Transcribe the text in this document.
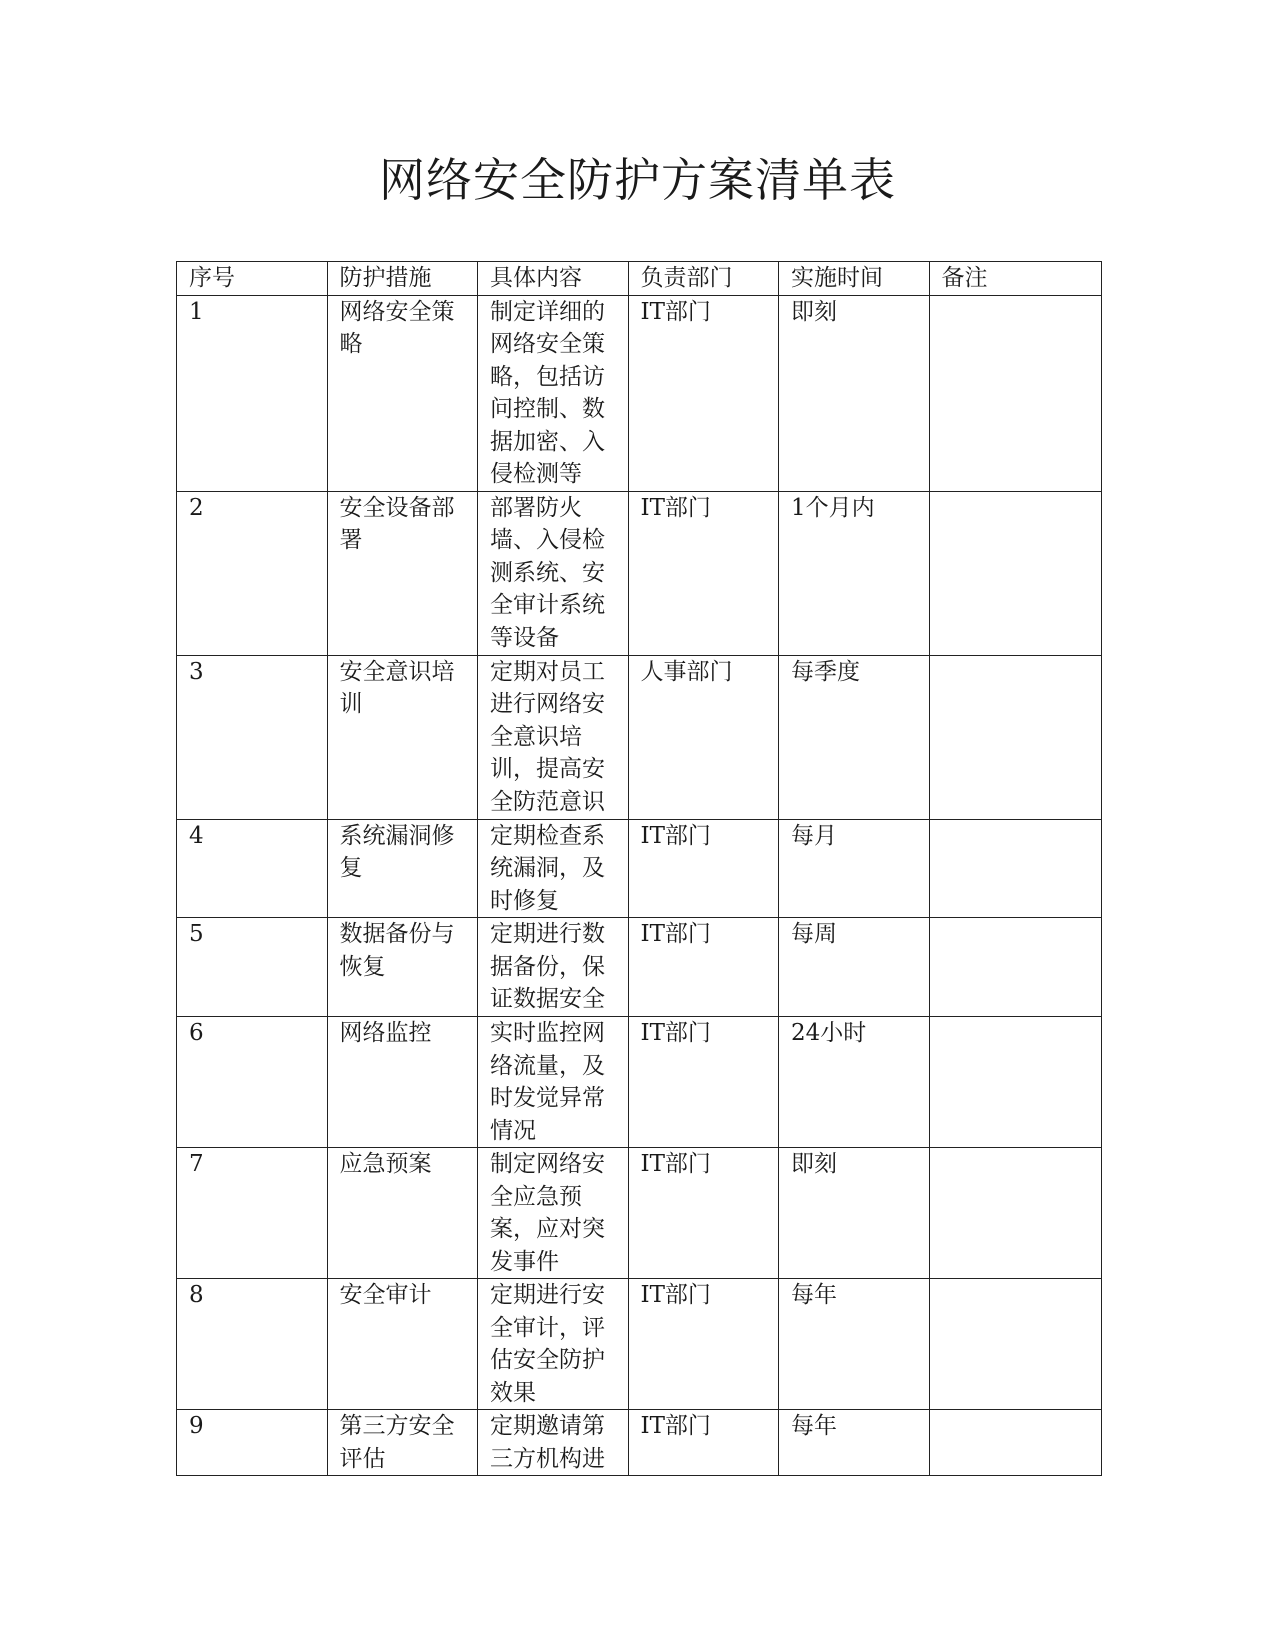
网络安全防护方案清单表
序号	防护措施	具体内容	负责部门	实施时间	备注
1	网络安全策略	制定详细的网络安全策略，包括访问控制、数据加密、入侵检测等	IT部门	即刻	
2	安全设备部署	部署防火墙、入侵检测系统、安全审计系统等设备	IT部门	1个月内	
3	安全意识培训	定期对员工进行网络安全意识培训，提高安全防范意识	人事部门	每季度	
4	系统漏洞修复	定期检查系统漏洞，及时修复	IT部门	每月	
5	数据备份与恢复	定期进行数据备份，保证数据安全	IT部门	每周	
6	网络监控	实时监控网络流量，及时发觉异常情况	IT部门	24小时	
7	应急预案	制定网络安全应急预案，应对突发事件	IT部门	即刻	
8	安全审计	定期进行安全审计，评估安全防护效果	IT部门	每年	
9	第三方安全评估	定期邀请第三方机构进	IT部门	每年	
